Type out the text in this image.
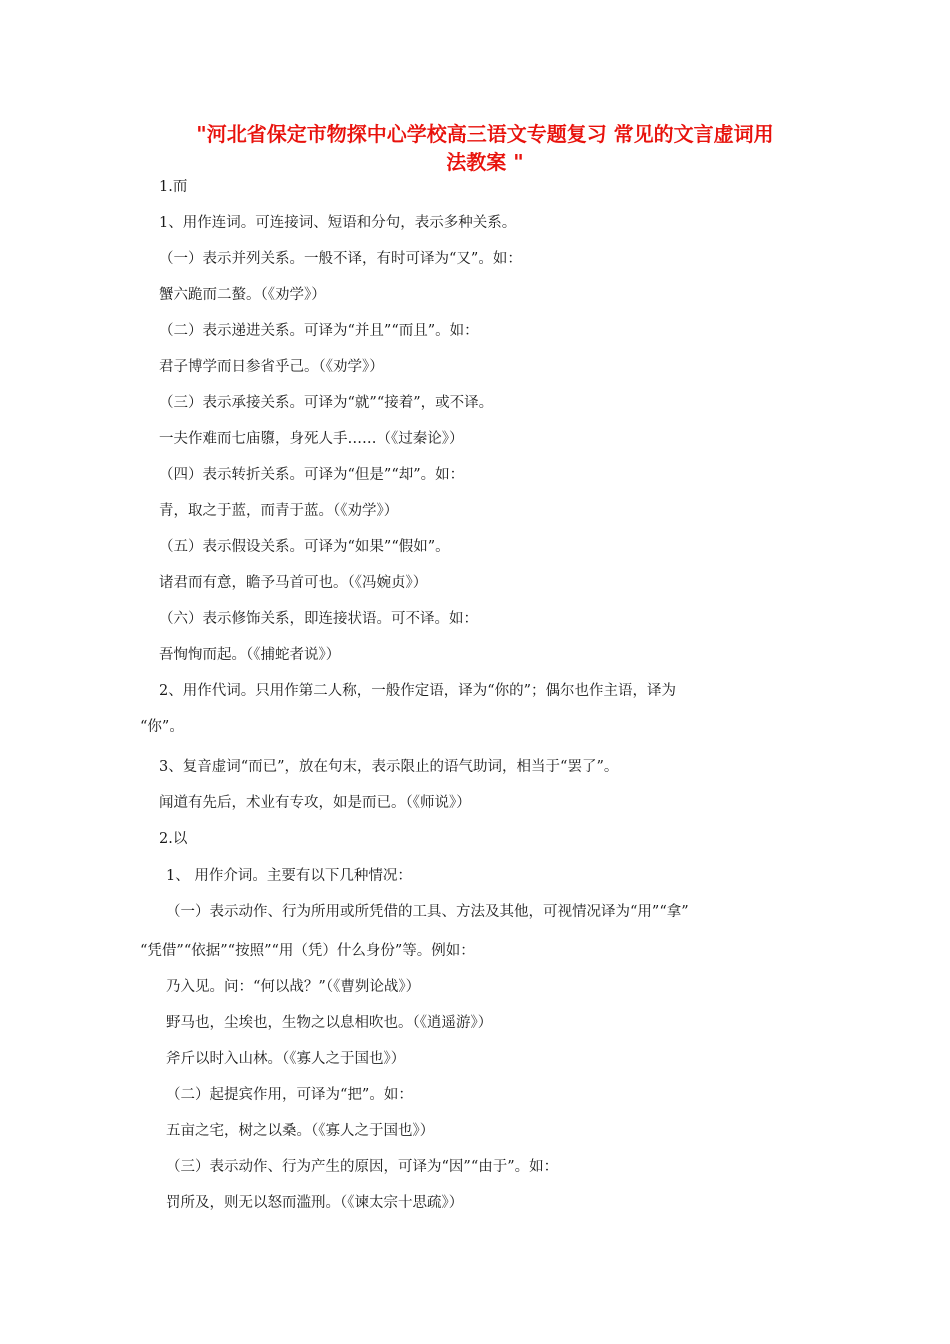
"河北省保定市物探中心学校高三语文专题复习 常见的文言虚词用
法教案 "
1.而
1、用作连词。可连接词、短语和分句，表示多种关系。
（一）表示并列关系。一般不译，有时可译为“又”。如：
蟹六跪而二螯。（《劝学》）
（二）表示递进关系。可译为“并且”“而且”。如：
君子博学而日参省乎己。（《劝学》）
（三）表示承接关系。可译为“就”“接着”，或不译。
一夫作难而七庙隳，身死人手……（《过秦论》）
（四）表示转折关系。可译为“但是”“却”。如：
青，取之于蓝，而青于蓝。（《劝学》）
（五）表示假设关系。可译为“如果”“假如”。
诸君而有意，瞻予马首可也。（《冯婉贞》）
（六）表示修饰关系，即连接状语。可不译。如：
吾恂恂而起。（《捕蛇者说》）
2、用作代词。只用作第二人称，一般作定语，译为“你的”；偶尔也作主语，译为
“你”。
3、复音虚词“而已”，放在句末，表示限止的语气助词，相当于“罢了”。
闻道有先后，术业有专攻，如是而已。（《师说》）
2.以
1、 用作介词。主要有以下几种情况：
（一）表示动作、行为所用或所凭借的工具、方法及其他，可视情况译为“用”“拿”
“凭借”“依据”“按照”“用（凭）什么身份”等。例如：
乃入见。问：“何以战？”（《曹刿论战》）
野马也，尘埃也，生物之以息相吹也。（《逍遥游》）
斧斤以时入山林。（《寡人之于国也》）
（二）起提宾作用，可译为“把”。如：
五亩之宅，树之以桑。（《寡人之于国也》）
（三）表示动作、行为产生的原因，可译为“因”“由于”。如：
罚所及，则无以怒而滥刑。（《谏太宗十思疏》）
